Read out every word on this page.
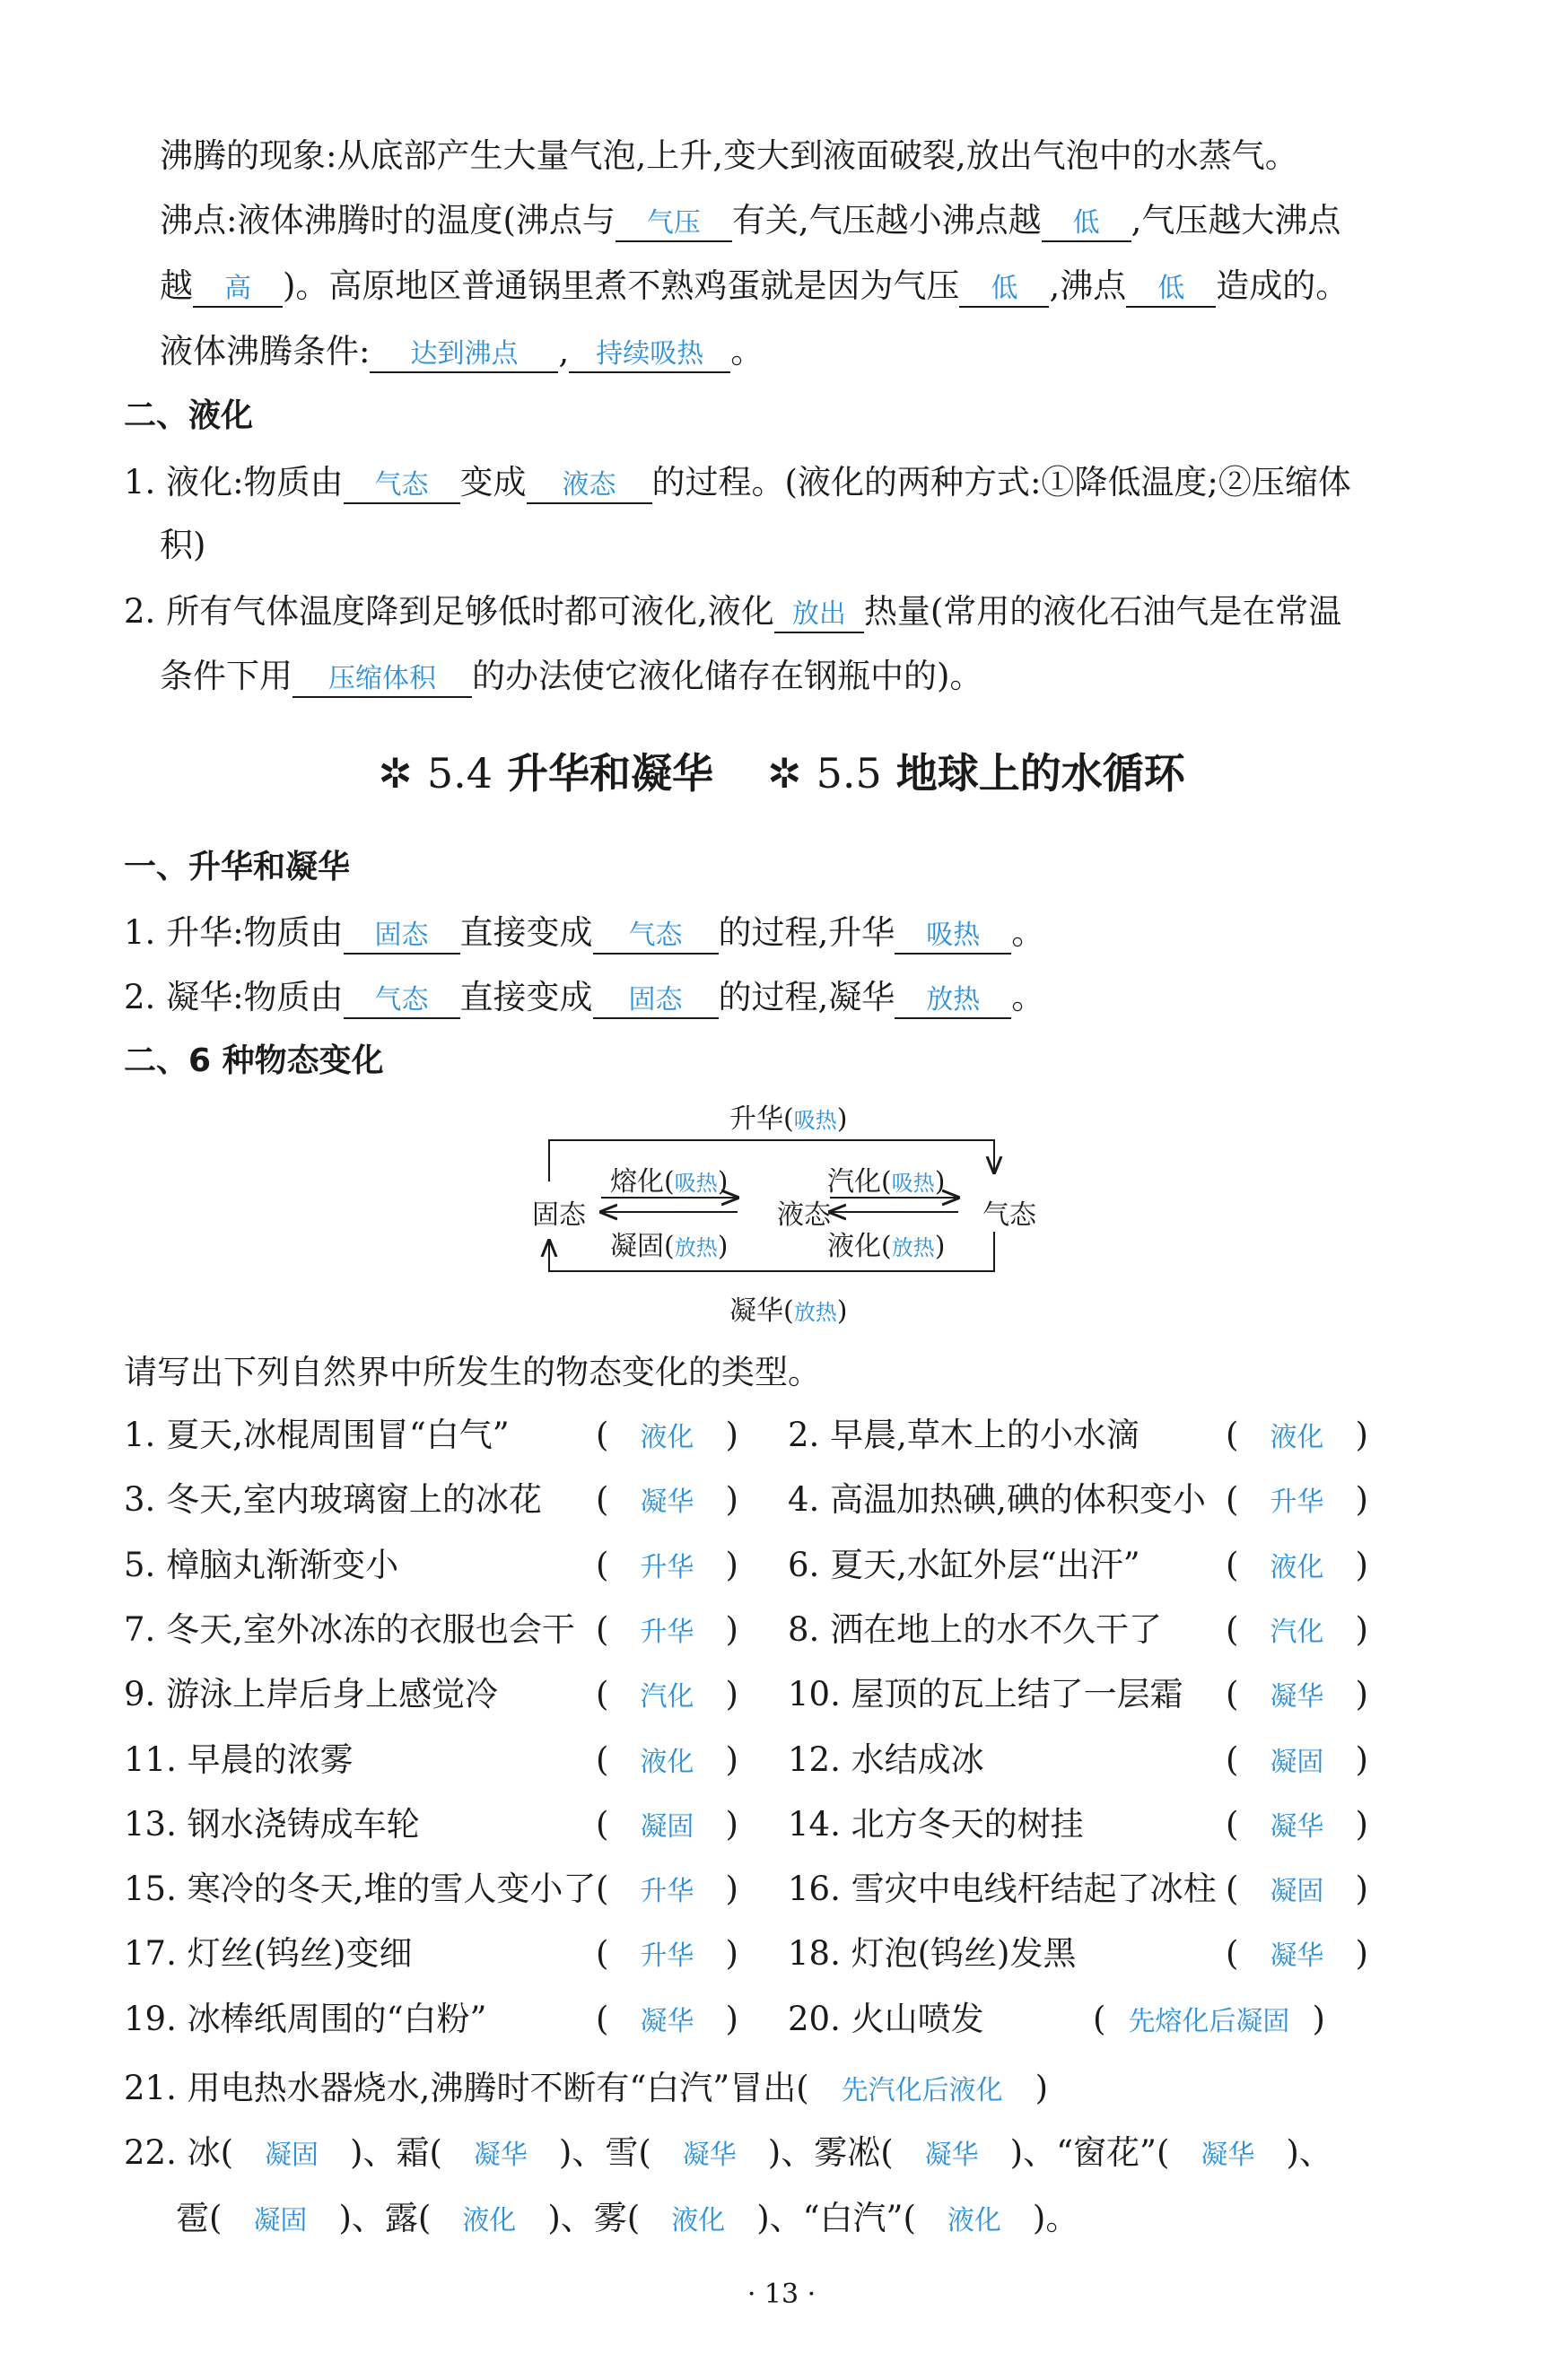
沸腾的现象:从底部产生大量气泡,上升,变大到液面破裂,放出气泡中的水蒸气。
沸点:液体沸腾时的温度(沸点与 气压 有关,气压越小沸点越 低 ,气压越大沸点
越 高 )。高原地区普通锅里煮不熟鸡蛋就是因为气压 低 ,沸点 低 造成的。
液体沸腾条件: 达到沸点 , 持续吸热 。
二、液化
1. 液化:物质由 气态 变成 液态 的过程。(液化的两种方式:①降低温度;②压缩体
积)
2. 所有气体温度降到足够低时都可液化,液化 放出 热量(常用的液化石油气是在常温
条件下用 压缩体积 的办法使它液化储存在钢瓶中的)。
✲ 5.4 升华和凝华 ✲ 5.5 地球上的水循环
一、升华和凝华
1. 升华:物质由 固态 直接变成 气态 的过程,升华 吸热 。
2. 凝华:物质由 气态 直接变成 固态 的过程,凝华 放热 。
二、6 种物态变化
升华(吸热)
熔化(吸热)	汽化(吸热)
固态	液态	气态
凝固(放热)	液化(放热)
凝华(放热)
请写出下列自然界中所发生的物态变化的类型。
1. 夏天,冰棍周围冒“白气”	( 液化 ) 2. 早晨,草木上的小水滴	( 液化 )
3. 冬天,室内玻璃窗上的冰花 ( 凝华 ) 4. 高温加热碘,碘的体积变小 ( 升华 )
5. 樟脑丸渐渐变小	( 升华 ) 6. 夏天,水缸外层“出汗”	( 液化 )
7. 冬天,室外冰冻的衣服也会干 ( 升华 ) 8. 洒在地上的水不久干了 ( 汽化 )
9. 游泳上岸后身上感觉冷	( 汽化 ) 10. 屋顶的瓦上结了一层霜 ( 凝华 )
11. 早晨的浓雾	( 液化 ) 12. 水结成冰	( 凝固 )
13. 钢水浇铸成车轮	( 凝固 ) 14. 北方冬天的树挂	( 凝华 )
15. 寒冷的冬天,堆的雪人变小了 ( 升华 ) 16. 雪灾中电线杆结起了冰柱 ( 凝固 )
17. 灯丝(钨丝)变细	( 升华 ) 18. 灯泡(钨丝)发黑	( 凝华 )
19. 冰棒纸周围的“白粉”	( 凝华 ) 20. 火山喷发	( 先熔化后凝固 )
21. 用电热水器烧水,沸腾时不断有“白汽”冒出( 先汽化后液化 )
22. 冰( 凝固 )、霜( 凝华 )、雪( 凝华 )、雾凇( 凝华 )、“窗花”( 凝华 )、
雹( 凝固 )、露( 液化 )、雾( 液化 )、“白汽”( 液化 )。
· 13 ·
